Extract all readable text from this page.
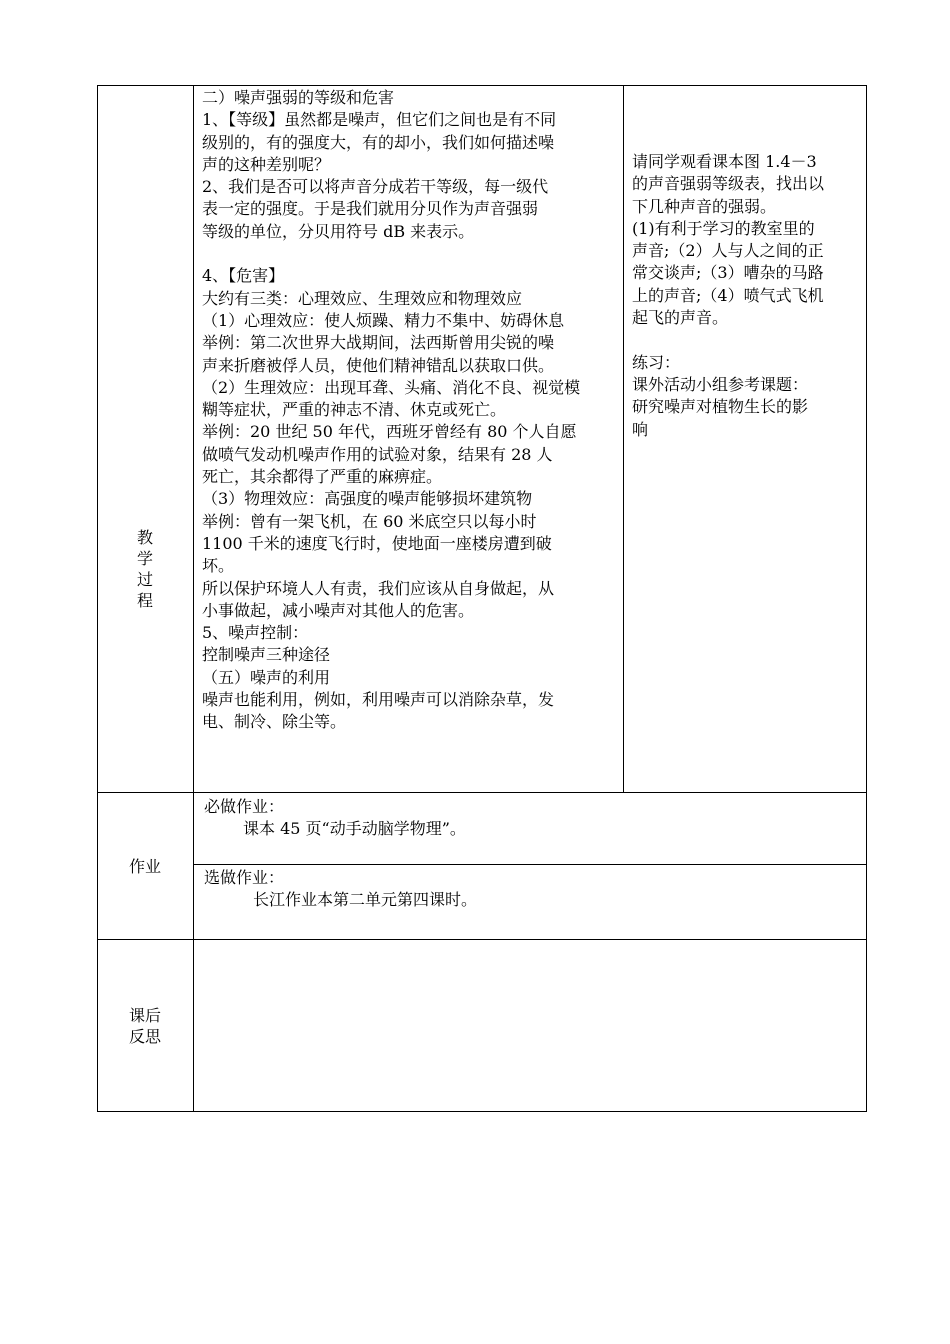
教
学
过
程

二）噪声强弱的等级和危害

1、【等级】虽然都是噪声，但它们之间也是有不同

级别的，有的强度大，有的却小，我们如何描述噪

声的这种差别呢？

2、我们是否可以将声音分成若干等级，每一级代

表一定的强度。于是我们就用分贝作为声音强弱

等级的单位，分贝用符号 dB 来表示。

4、【危害】

大约有三类：心理效应、生理效应和物理效应

（1）心理效应：使人烦躁、精力不集中、妨碍休息

举例：第二次世界大战期间，法西斯曾用尖锐的噪

声来折磨被俘人员，使他们精神错乱以获取口供。

（2）生理效应：出现耳聋、头痛、消化不良、视觉模

糊等症状，严重的神志不清、休克或死亡。

举例：20 世纪 50 年代，西班牙曾经有 80 个人自愿

做喷气发动机噪声作用的试验对象，结果有 28 人

死亡，其余都得了严重的麻痹症。

（3）物理效应：高强度的噪声能够损坏建筑物

举例：曾有一架飞机，在 60 米底空只以每小时

1100 千米的速度飞行时，使地面一座楼房遭到破

坏。

所以保护环境人人有责，我们应该从自身做起，从

小事做起，减小噪声对其他人的危害。

5、噪声控制：

控制噪声三种途径

（五）噪声的利用

噪声也能利用，例如，利用噪声可以消除杂草，发

电、制冷、除尘等。

请同学观看课本图 1.4－3

的声音强弱等级表，找出以

下几种声音的强弱。

(1)有利于学习的教室里的

声音;（2）人与人之间的正

常交谈声;（3）嘈杂的马路

上的声音;（4）喷气式飞机

起飞的声音。

练习：

课外活动小组参考课题：

研究噪声对植物生长的影

响

作业
必做作业：
课本 45 页“动手动脑学物理”。
选做作业：
长江作业本第二单元第四课时。
课后
反思
